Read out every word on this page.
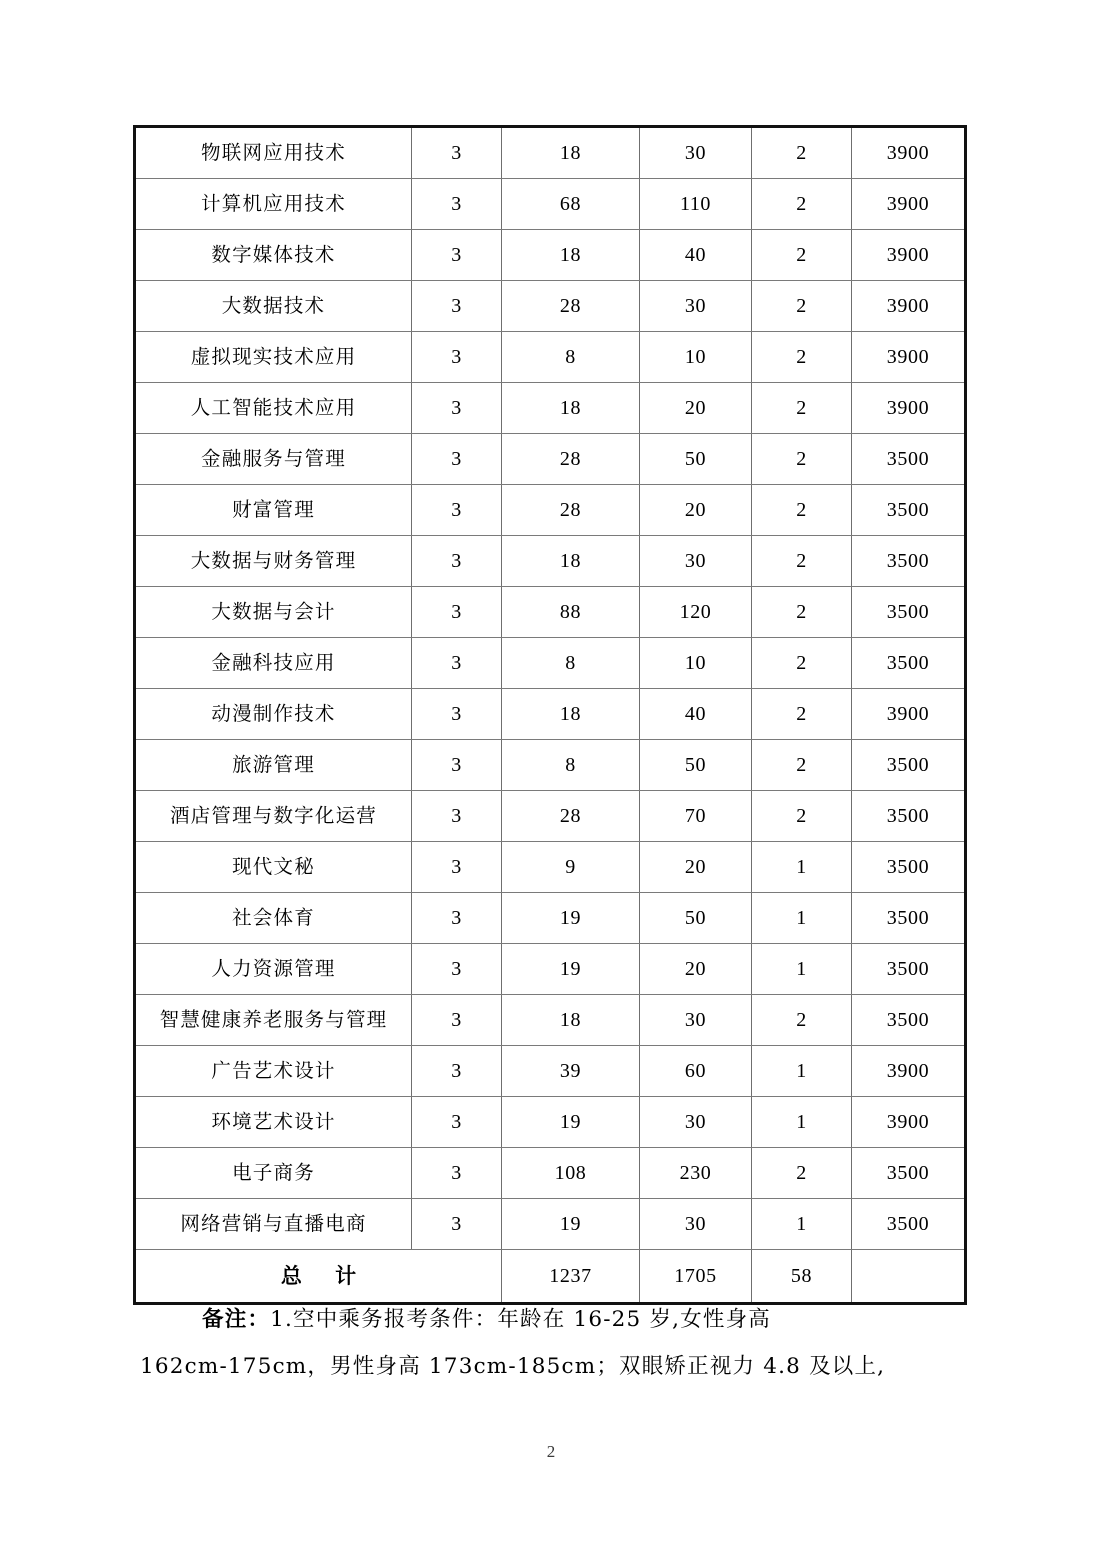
物联网应用技术	3	18	30	2	3900
计算机应用技术	3	68	110	2	3900
数字媒体技术	3	18	40	2	3900
大数据技术	3	28	30	2	3900
虚拟现实技术应用	3	8	10	2	3900
人工智能技术应用	3	18	20	2	3900
金融服务与管理	3	28	50	2	3500
财富管理	3	28	20	2	3500
大数据与财务管理	3	18	30	2	3500
大数据与会计	3	88	120	2	3500
金融科技应用	3	8	10	2	3500
动漫制作技术	3	18	40	2	3900
旅游管理	3	8	50	2	3500
酒店管理与数字化运营	3	28	70	2	3500
现代文秘	3	9	20	1	3500
社会体育	3	19	50	1	3500
人力资源管理	3	19	20	1	3500
智慧健康养老服务与管理	3	18	30	2	3500
广告艺术设计	3	39	60	1	3900
环境艺术设计	3	19	30	1	3900
电子商务	3	108	230	2	3500
网络营销与直播电商	3	19	30	1	3500
总 计		1237	1705	58	
备注：1.空中乘务报考条件：年龄在 16-25 岁,女性身高
162cm-175cm，男性身高 173cm-185cm；双眼矫正视力 4.8 及以上,
2
